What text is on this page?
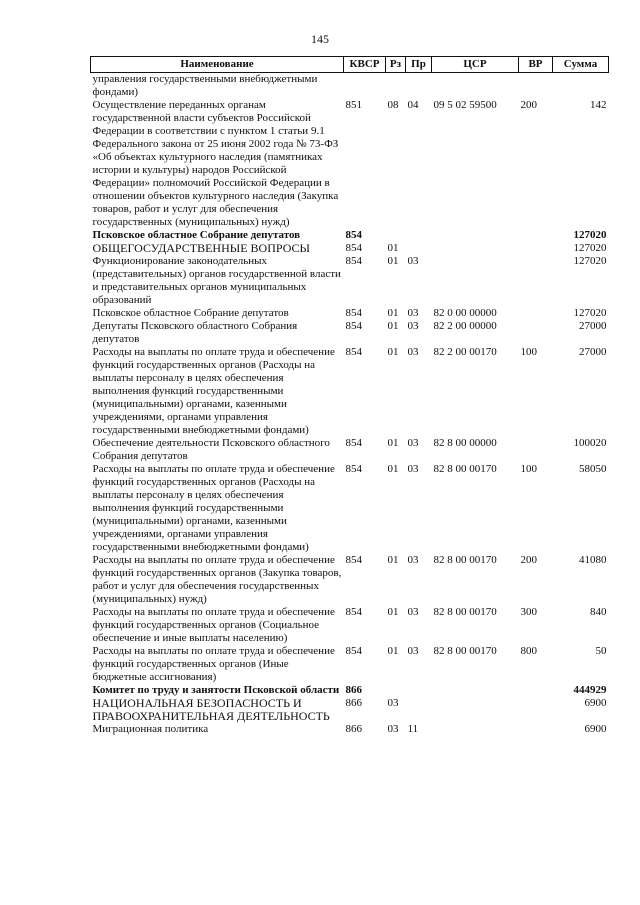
145
Наименование	КВСР	Рз	Пр	ЦСР	ВР	Сумма
управления государственными внебюджетными фондами)						
Осуществление переданных органам государственной власти субъектов Российской Федерации в соответствии с пунктом 1 статьи 9.1 Федерального закона от 25 июня 2002 года № 73-ФЗ «Об объектах культурного наследия (памятниках истории и культуры) народов Российской Федерации» полномочий Российской Федерации в отношении объектов культурного наследия (Закупка товаров, работ и услуг для обеспечения государственных (муниципальных) нужд)	851	08	04	09 5 02 59500	200	142
Псковское областное Собрание депутатов	854					127020
ОБЩЕГОСУДАРСТВЕННЫЕ ВОПРОСЫ	854	01				127020
Функционирование законодательных (представительных) органов государственной власти и представительных органов муниципальных образований	854	01	03			127020
Псковское областное Собрание депутатов	854	01	03	82 0 00 00000		127020
Депутаты Псковского областного Собрания депутатов	854	01	03	82 2 00 00000		27000
Расходы на выплаты по оплате труда и обеспечение функций государственных органов (Расходы на выплаты персоналу в целях обеспечения выполнения функций государственными (муниципальными) органами, казенными учреждениями, органами управления государственными внебюджетными фондами)	854	01	03	82 2 00 00170	100	27000
Обеспечение деятельности Псковского областного Собрания депутатов	854	01	03	82 8 00 00000		100020
Расходы на выплаты по оплате труда и обеспечение функций государственных органов (Расходы на выплаты персоналу в целях обеспечения выполнения функций государственными (муниципальными) органами, казенными учреждениями, органами управления государственными внебюджетными фондами)	854	01	03	82 8 00 00170	100	58050
Расходы на выплаты по оплате труда и обеспечение функций государственных органов (Закупка товаров, работ и услуг для обеспечения государственных (муниципальных) нужд)	854	01	03	82 8 00 00170	200	41080
Расходы на выплаты по оплате труда и обеспечение функций государственных органов (Социальное обеспечение и иные выплаты населению)	854	01	03	82 8 00 00170	300	840
Расходы на выплаты по оплате труда и обеспечение функций государственных органов (Иные бюджетные ассигнования)	854	01	03	82 8 00 00170	800	50
Комитет по труду и занятости Псковской области	866					444929
НАЦИОНАЛЬНАЯ БЕЗОПАСНОСТЬ И ПРАВООХРАНИТЕЛЬНАЯ ДЕЯТЕЛЬНОСТЬ	866	03				6900
Миграционная политика	866	03	11			6900
